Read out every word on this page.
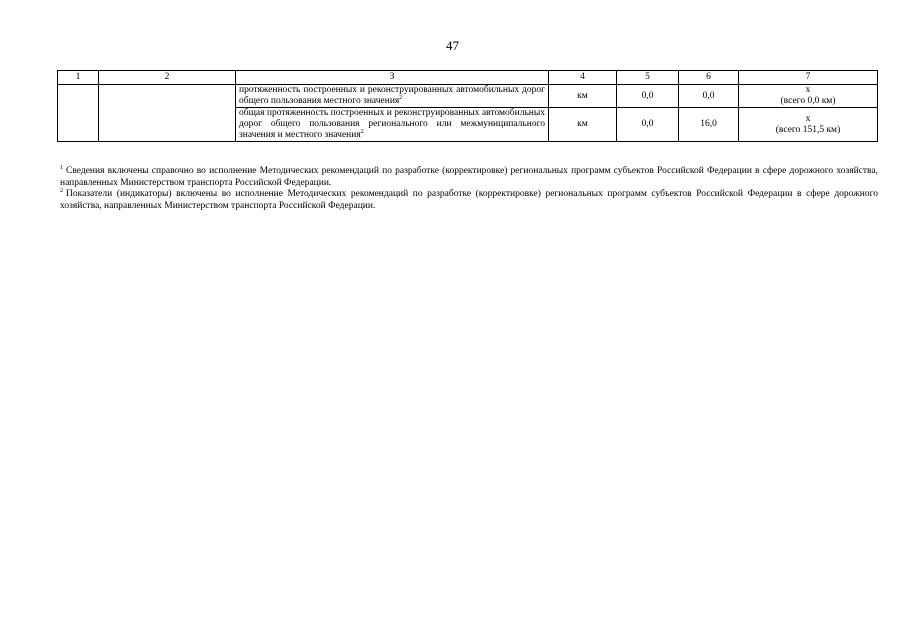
47
1	2	3	4	5	6	7
		протяженность построенных и реконструированных автомобильных дорог общего пользования местного значения$^2$	км	0,0	0,0	х
(всего 0,0 км)

		общая протяженность построенных и реконструированных автомобильных дорог общего пользования регионального или межмуниципального значения и местного значения$^2$	км	0,0	16,0	х
(всего 151,5 км)

$^1$ Сведения включены справочно во исполнение Методических рекомендаций по разработке (корректировке) региональных программ субъектов Российской Федерации в сфере дорожного хозяйства, направленных Министерством транспорта Российской Федерации.

$^2$ Показатели (индикаторы) включены во исполнение Методических рекомендаций по разработке (корректировке) региональных программ субъектов Российской Федерации в сфере дорожного хозяйства, направленных Министерством транспорта Российской Федерации.
